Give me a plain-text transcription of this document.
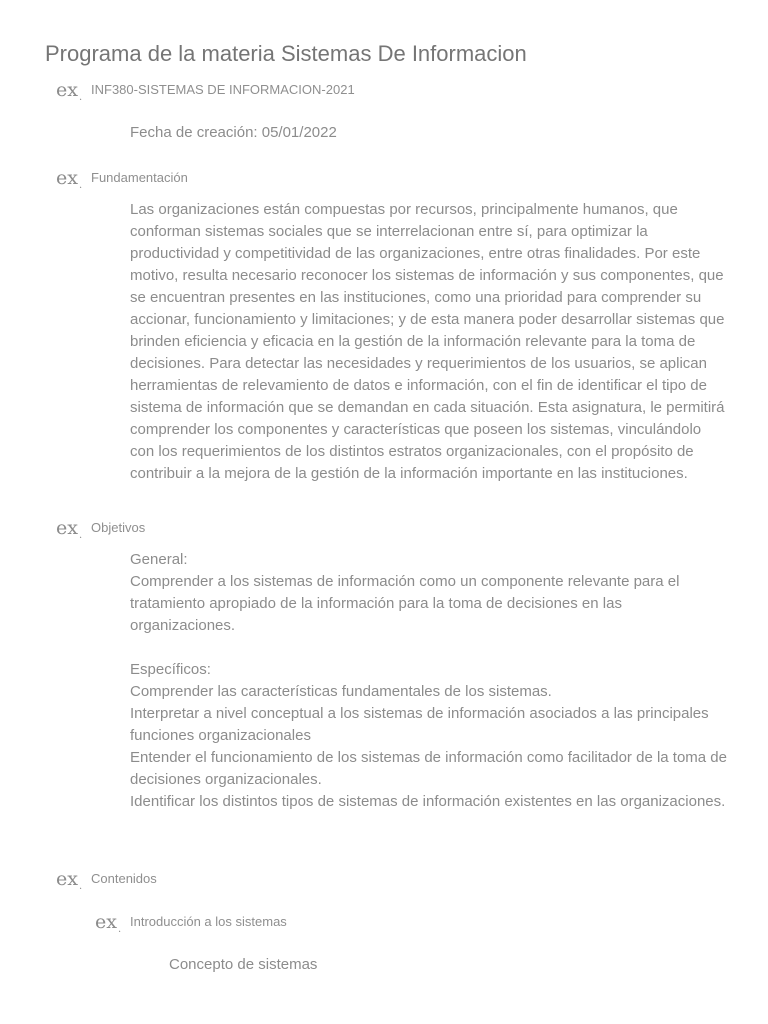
Programa de la materia Sistemas De Informacion
$ex_.$
INF380-SISTEMAS DE INFORMACION-2021
Fecha de creación: 05/01/2022
$ex_.$
Fundamentación
Las organizaciones están compuestas por recursos, principalmente humanos, que conforman sistemas sociales que se interrelacionan entre sí, para optimizar la productividad y competitividad de las organizaciones, entre otras finalidades. Por este motivo, resulta necesario reconocer los sistemas de información y sus componentes, que se encuentran presentes en las instituciones, como una prioridad para comprender su accionar, funcionamiento y limitaciones; y de esta manera poder desarrollar sistemas que brinden eficiencia y eficacia en la gestión de la información relevante para la toma de decisiones. Para detectar las necesidades y requerimientos de los usuarios, se aplican herramientas de relevamiento de datos e información, con el fin de identificar el tipo de sistema de información que se demandan en cada situación. Esta asignatura, le permitirá comprender los componentes y características que poseen los sistemas, vinculándolo con los requerimientos de los distintos estratos organizacionales, con el propósito de contribuir a la mejora de la gestión de la información importante en las instituciones.
$ex_.$
Objetivos
General:
Comprender a los sistemas de información como un componente relevante para el tratamiento apropiado de la información para la toma de decisiones en las organizaciones.
Específicos:
Comprender las características fundamentales de los sistemas.
Interpretar a nivel conceptual a los sistemas de información asociados a las principales funciones organizacionales
Entender el funcionamiento de los sistemas de información como facilitador de la toma de decisiones organizacionales.
Identificar los distintos tipos de sistemas de información existentes en las organizaciones.
$ex_.$
Contenidos
$ex_.$
Introducción a los sistemas
Concepto de sistemas
